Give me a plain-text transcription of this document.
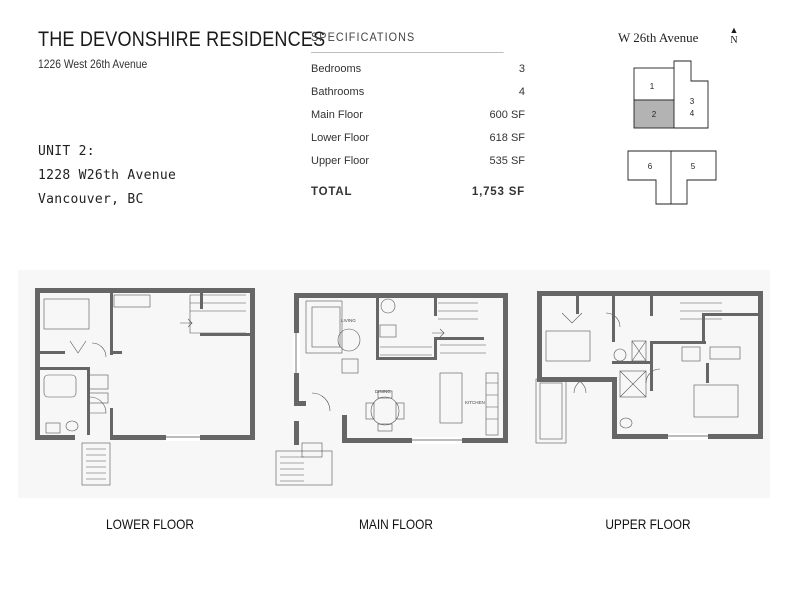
THE DEVONSHIRE RESIDENCES
1226 West 26th Avenue
UNIT 2:
1228 W26th Avenue
Vancouver, BC
SPECIFICATIONS
Bedrooms	3
Bathrooms	4
Main Floor	600 SF
Lower Floor	618 SF
Upper Floor	535 SF
TOTAL	1,753 SF
W 26th Avenue	▲
N
1
2
3
4
5
6
LIVING
DINING
KITCHEN
LOWER FLOOR	MAIN FLOOR	UPPER FLOOR
